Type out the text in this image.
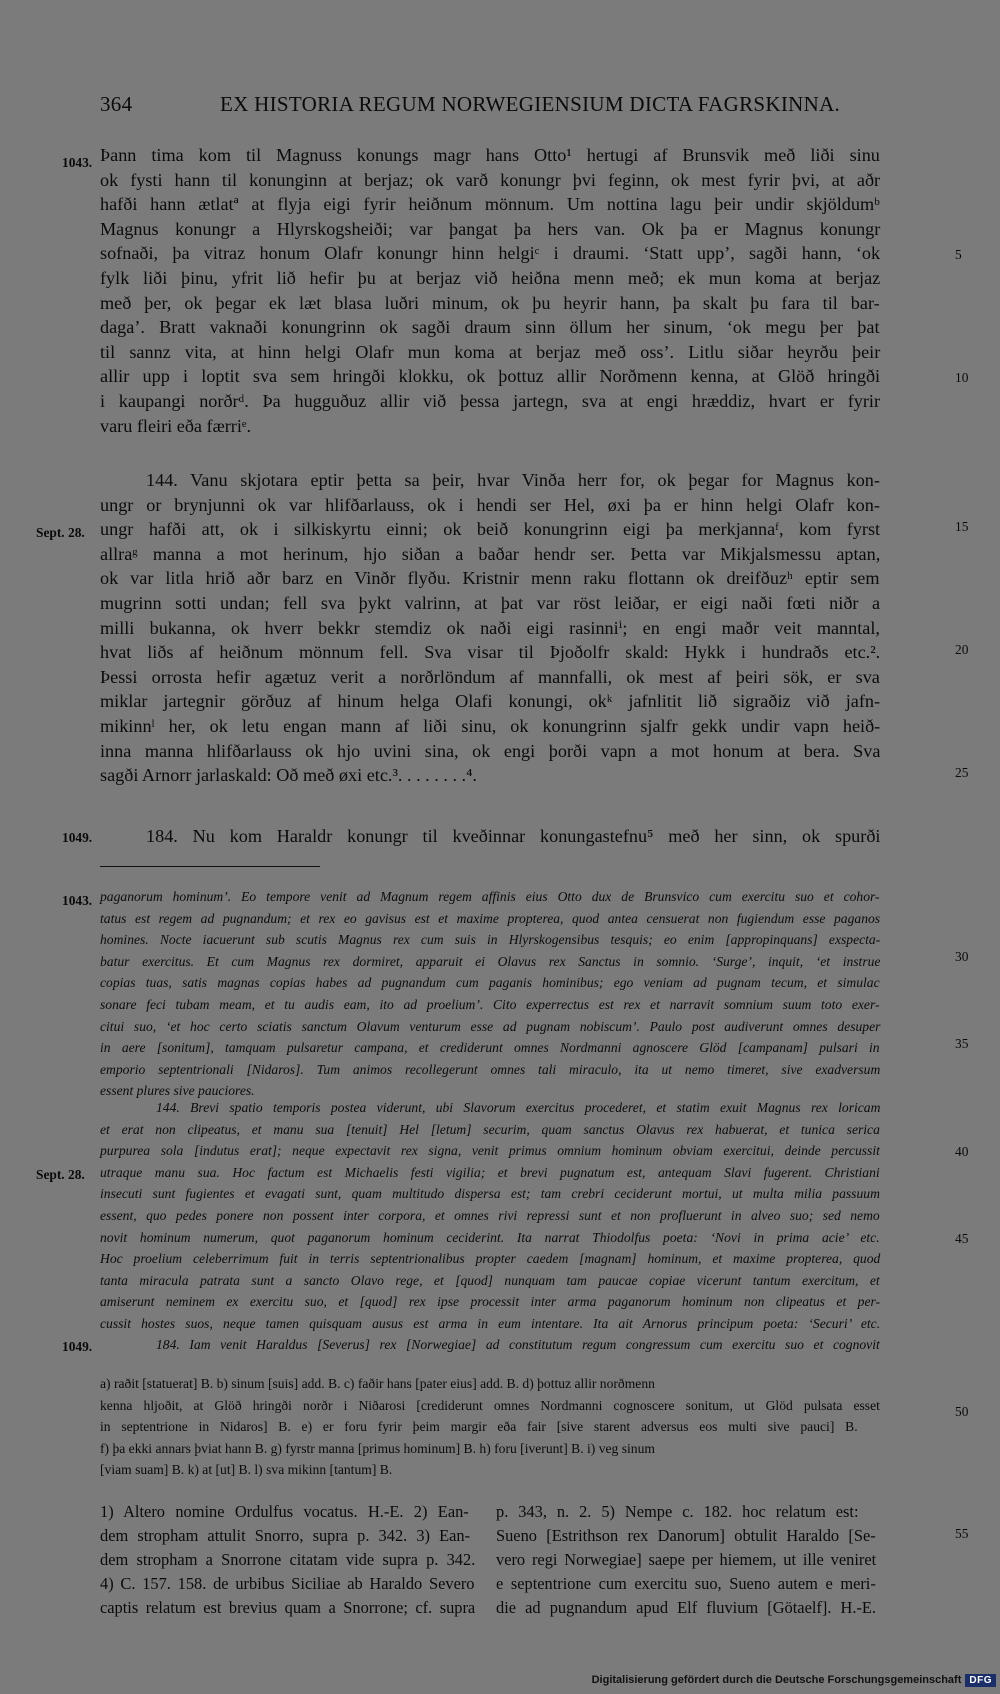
364	EX HISTORIA REGUM NORWEGIENSIUM DICTA FAGRSKINNA.
Þann tima kom til Magnuss konungs magr hans Otto¹ hertugi af Brunsvik með liði sinu
ok fysti hann til konunginn at berjaz; ok varð konungr þvi feginn, ok mest fyrir þvi, at aðr
hafði hann ætlatª at flyja eigi fyrir heiðnum mönnum. Um nottina lagu þeir undir skjöldumᵇ
Magnus konungr a Hlyrskogsheiði; var þangat þa hers van. Ok þa er Magnus konungr
sofnaði, þa vitraz honum Olafr konungr hinn helgiᶜ i draumi. ‘Statt upp’, sagði hann, ‘ok
fylk liði þinu, yfrit lið hefir þu at berjaz við heiðna menn með; ek mun koma at berjaz
með þer, ok þegar ek læt blasa luðri minum, ok þu heyrir hann, þa skalt þu fara til bar-
daga’. Bratt vaknaði konungrinn ok sagði draum sinn öllum her sinum, ‘ok megu þer þat
til sannz vita, at hinn helgi Olafr mun koma at berjaz með oss’. Litlu siðar heyrðu þeir
allir upp i loptit sva sem hringði klokku, ok þottuz allir Norðmenn kenna, at Glöð hringði
i kaupangi norðrᵈ. Þa hugguðuz allir við þessa jartegn, sva at engi hræddiz, hvart er fyrir
varu fleiri eða færriᵉ.
144. Vanu skjotara eptir þetta sa þeir, hvar Vinða herr for, ok þegar for Magnus kon-
ungr or brynjunni ok var hlifðarlauss, ok i hendi ser Hel, øxi þa er hinn helgi Olafr kon-
ungr hafði att, ok i silkiskyrtu einni; ok beið konungrinn eigi þa merkjannaᶠ, kom fyrst
allraᵍ manna a mot herinum, hjo siðan a baðar hendr ser. Þetta var Mikjalsmessu aptan,
ok var litla hrið aðr barz en Vinðr flyðu. Kristnir menn raku flottann ok dreifðuzʰ eptir sem
mugrinn sotti undan; fell sva þykt valrinn, at þat var röst leiðar, er eigi naði fœti niðr a
milli bukanna, ok hverr bekkr stemdiz ok naði eigi rasinniⁱ; en engi maðr veit manntal,
hvat liðs af heiðnum mönnum fell. Sva visar til Þjoðolfr skald: Hykk i hundraðs etc.².
Þessi orrosta hefir agætuz verit a norðrlöndum af mannfalli, ok mest af þeiri sök, er sva
miklar jartegnir görðuz af hinum helga Olafi konungi, okᵏ jafnlitit lið sigraðiz við jafn-
mikinnˡ her, ok letu engan mann af liði sinu, ok konungrinn sjalfr gekk undir vapn heið-
inna manna hlifðarlauss ok hjo uvini sina, ok engi þorði vapn a mot honum at bera. Sva
sagði Arnorr jarlaskald: Oð með øxi etc.³. . . . . . . .⁴.
184. Nu kom Haraldr konungr til kveðinnar konungastefnu⁵ með her sinn, ok spurði
paganorum hominum’. Eo tempore venit ad Magnum regem affinis eius Otto dux de Brunsvico cum exercitu suo et cohor-
tatus est regem ad pugnandum; et rex eo gavisus est et maxime propterea, quod antea censuerat non fugiendum esse paganos
homines. Nocte iacuerunt sub scutis Magnus rex cum suis in Hlyrskogensibus tesquis; eo enim [appropinquans] exspecta-
batur exercitus. Et cum Magnus rex dormiret, apparuit ei Olavus rex Sanctus in somnio. ‘Surge’, inquit, ‘et instrue
copias tuas, satis magnas copias habes ad pugnandum cum paganis hominibus; ego veniam ad pugnam tecum, et simulac
sonare feci tubam meam, et tu audis eam, ito ad proelium’. Cito experrectus est rex et narravit somnium suum toto exer-
citui suo, ‘et hoc certo sciatis sanctum Olavum venturum esse ad pugnam nobiscum’. Paulo post audiverunt omnes desuper
in aere [sonitum], tamquam pulsaretur campana, et crediderunt omnes Nordmanni agnoscere Glöd [campanam] pulsari in
emporio septentrionali [Nidaros]. Tum animos recollegerunt omnes tali miraculo, ita ut nemo timeret, sive exadversum
essent plures sive pauciores.
144. Brevi spatio temporis postea viderunt, ubi Slavorum exercitus procederet, et statim exuit Magnus rex loricam
et erat non clipeatus, et manu sua [tenuit] Hel [letum] securim, quam sanctus Olavus rex habuerat, et tunica serica
purpurea sola [indutus erat]; neque expectavit rex signa, venit primus omnium hominum obviam exercitui, deinde percussit
utraque manu sua. Hoc factum est Michaelis festi vigilia; et brevi pugnatum est, antequam Slavi fugerent. Christiani
insecuti sunt fugientes et evagati sunt, quam multitudo dispersa est; tam crebri ceciderunt mortui, ut multa milia passuum
essent, quo pedes ponere non possent inter corpora, et omnes rivi repressi sunt et non profluerunt in alveo suo; sed nemo
novit hominum numerum, quot paganorum hominum ceciderint. Ita narrat Thiodolfus poeta: ‘Novi in prima acie’ etc.
Hoc proelium celeberrimum fuit in terris septentrionalibus propter caedem [magnam] hominum, et maxime propterea, quod
tanta miracula patrata sunt a sancto Olavo rege, et [quod] nunquam tam paucae copiae vicerunt tantum exercitum, et
amiserunt neminem ex exercitu suo, et [quod] rex ipse processit inter arma paganorum hominum non clipeatus et per-
cussit hostes suos, neque tamen quisquam ausus est arma in eum intentare. Ita ait Arnorus principum poeta: ‘Securi’ etc.
184. Iam venit Haraldus [Severus] rex [Norwegiae] ad constitutum regum congressum cum exercitu suo et cognovit
a) raðit [statuerat] B. b) sinum [suis] add. B. c) faðir hans [pater eius] add. B. d) þottuz allir norðmenn
kenna hljoðit, at Glöð hringði norðr i Niðarosi [crediderunt omnes Nordmanni cognoscere sonitum, ut Glöd pulsata esset
in septentrione in Nidaros] B. e) er foru fyrir þeim margir eða fair [sive starent adversus eos multi sive pauci] B.
f) þa ekki annars þviat hann B. g) fyrstr manna [primus hominum] B. h) foru [iverunt] B. i) veg sinum
[viam suam] B. k) at [ut] B. l) sva mikinn [tantum] B.
1) Altero nomine Ordulfus vocatus. H.-E. 2) Ean-
dem stropham attulit Snorro, supra p. 342. 3) Ean-
dem stropham a Snorrone citatam vide supra p. 342.
4) C. 157. 158. de urbibus Siciliae ab Haraldo Severo
captis relatum est brevius quam a Snorrone; cf. supra
p. 343, n. 2. 5) Nempe c. 182. hoc relatum est:
Sueno [Estrithson rex Danorum] obtulit Haraldo [Se-
vero regi Norwegiae] saepe per hiemem, ut ille veniret
e septentrione cum exercitu suo, Sueno autem e meri-
die ad pugnandum apud Elf fluvium [Götaelf]. H.-E.
1043.
Sept. 28.
1049.
1043.
Sept. 28.
1049.
5
10
15
20
25
30
35
40
45
50
55
Digitalisierung gefördert durch die Deutsche Forschungsgemeinschaft DFG
